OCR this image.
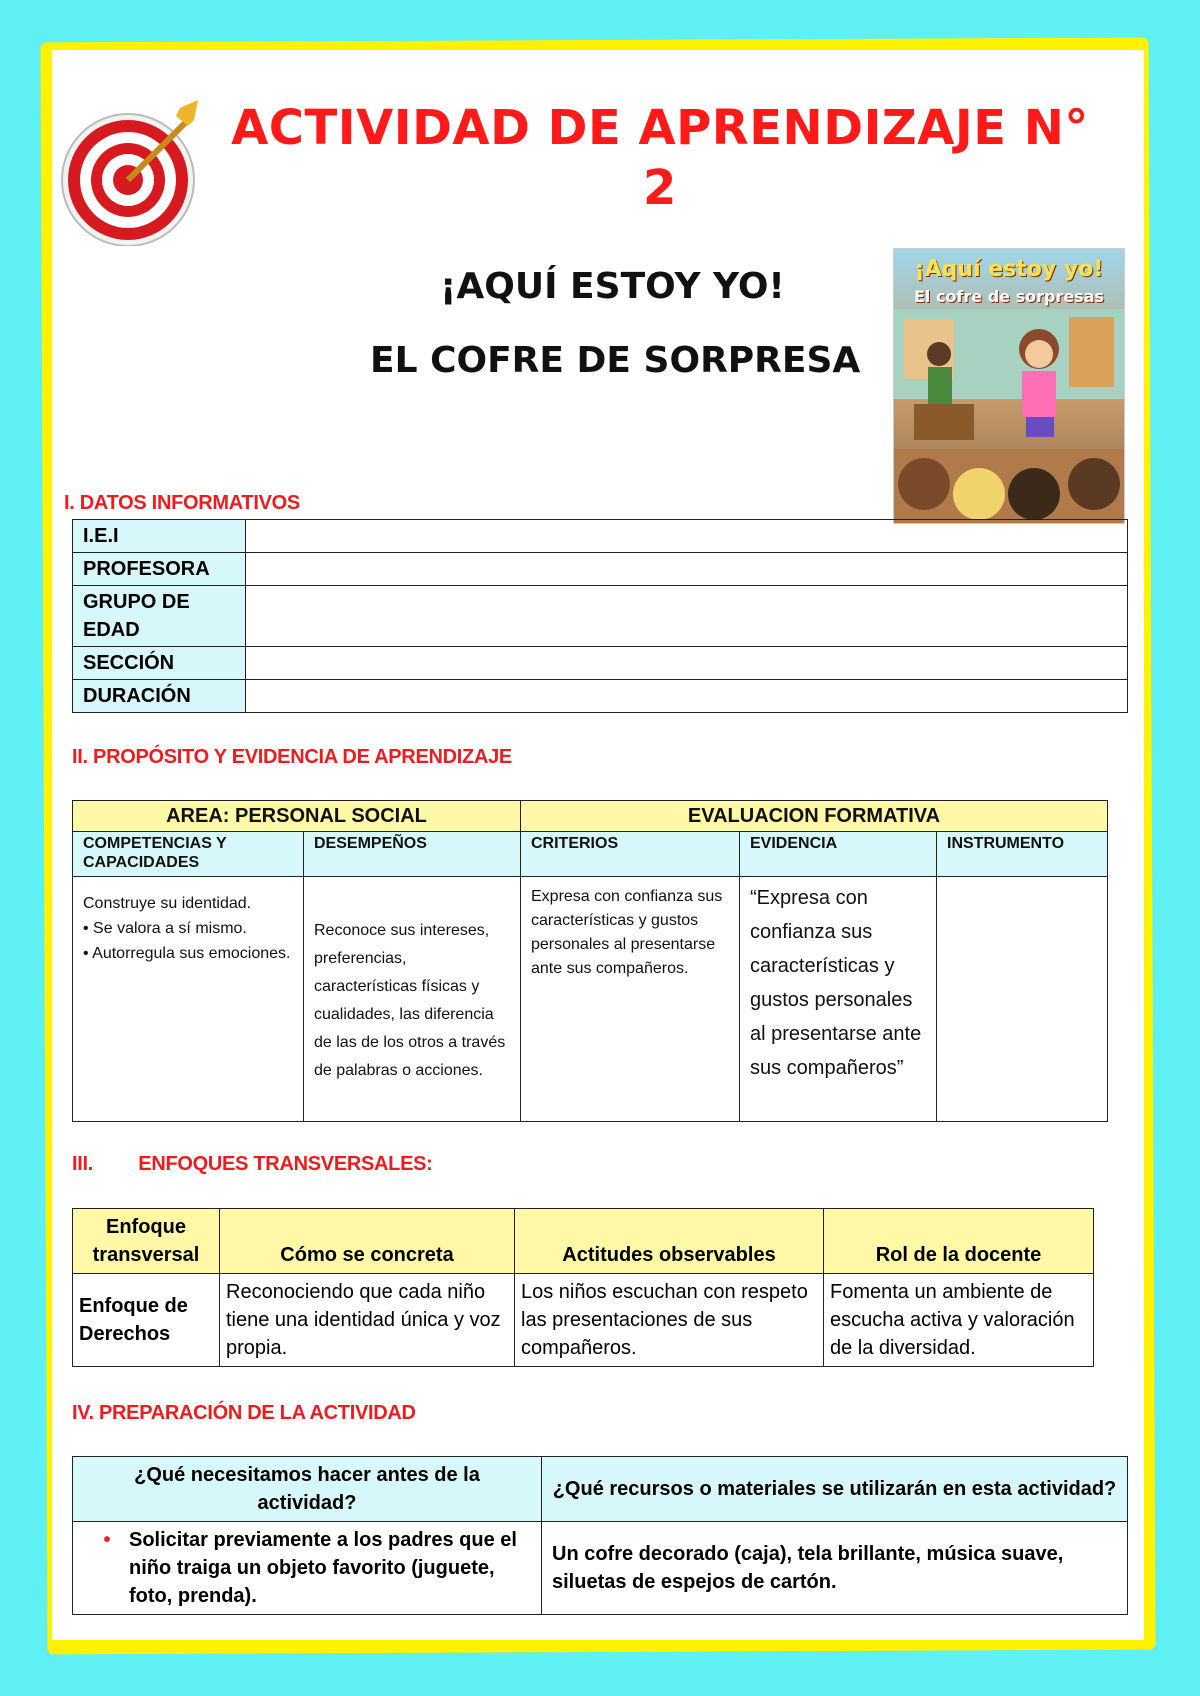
ACTIVIDAD DE APRENDIZAJE N°
2
¡AQUÍ ESTOY YO!
EL COFRE DE SORPRESA
¡Aquí estoy yo!
El cofre de sorpresas
I. DATOS INFORMATIVOS
I.E.I	
PROFESORA	
GRUPO DE EDAD	
SECCIÓN	
DURACIÓN	
II. PROPÓSITO Y EVIDENCIA DE APRENDIZAJE
AREA: PERSONAL SOCIAL		EVALUACION FORMATIVA		
COMPETENCIAS Y CAPACIDADES	DESEMPEÑOS	CRITERIOS	EVIDENCIA	INSTRUMENTO

Construye su identidad.
• Se valora a sí mismo.
• Autorregula sus emociones.	Reconoce sus intereses, preferencias, características físicas y cualidades, las diferencia de las de los otros a través de palabras o acciones.	Expresa con confianza sus características y gustos personales al presentarse ante sus compañeros.	“Expresa con confianza sus características y gustos personales al presentarse ante sus compañeros”	
III. ENFOQUES TRANSVERSALES:
Enfoque transversal	Cómo se concreta	Actitudes observables	Rol de la docente
Enfoque de Derechos	Reconociendo que cada niño tiene una identidad única y voz propia.	Los niños escuchan con respeto las presentaciones de sus compañeros.	Fomenta un ambiente de escucha activa y valoración de la diversidad.
IV. PREPARACIÓN DE LA ACTIVIDAD
¿Qué necesitamos hacer antes de la actividad?	¿Qué recursos o materiales se utilizarán en esta actividad?

• Solicitar previamente a los padres que el niño traiga un objeto favorito (juguete, foto, prenda).	Un cofre decorado (caja), tela brillante, música suave, siluetas de espejos de cartón.
